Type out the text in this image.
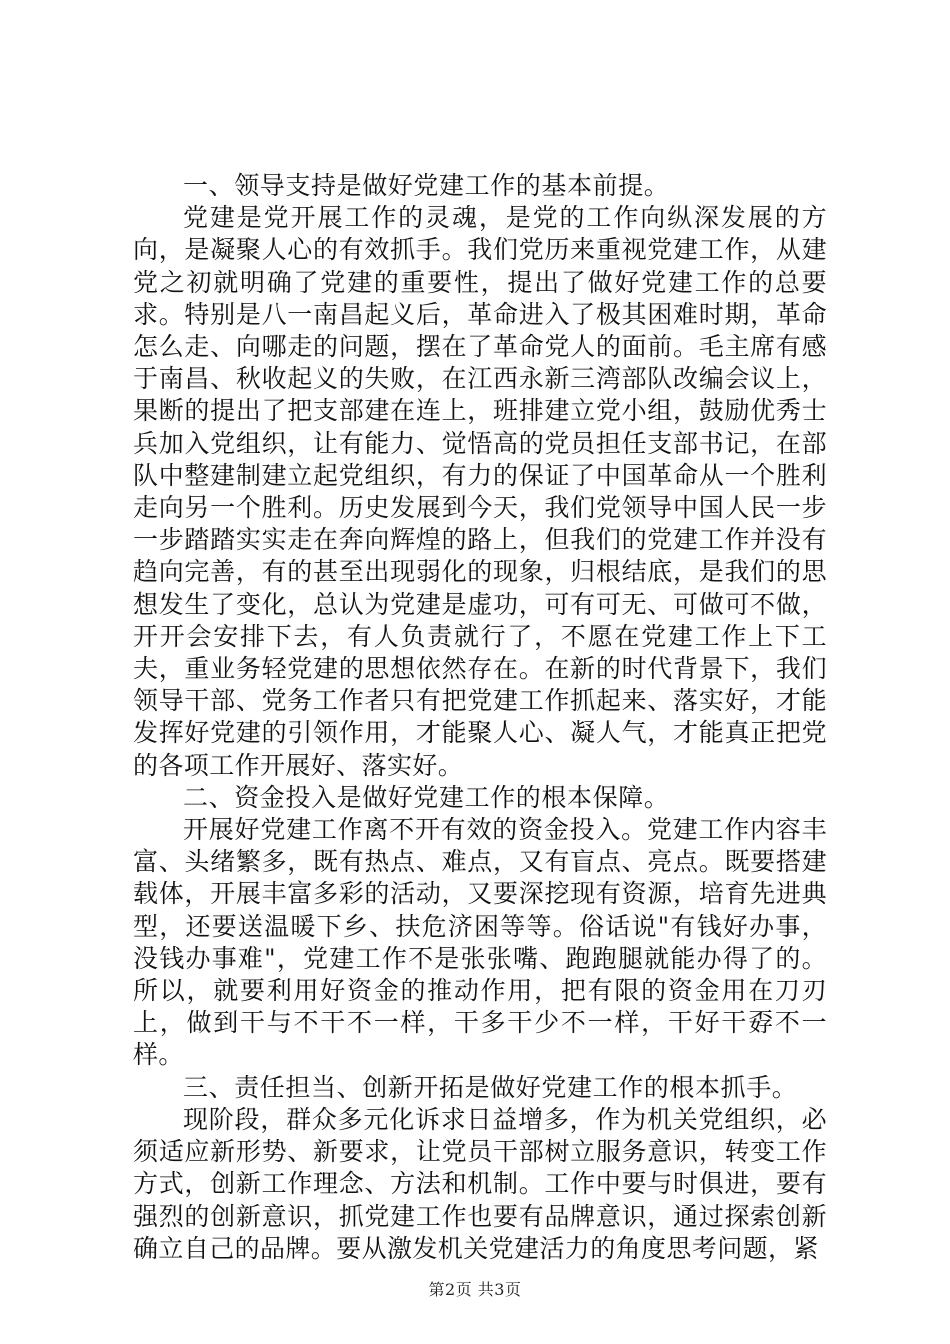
一、领导支持是做好党建工作的基本前提。

党建是党开展工作的灵魂，是党的工作向纵深发展的方向，是凝聚人心的有效抓手。我们党历来重视党建工作，从建党之初就明确了党建的重要性，提出了做好党建工作的总要求。特别是八一南昌起义后，革命进入了极其困难时期，革命怎么走、向哪走的问题，摆在了革命党人的面前。毛主席有感于南昌、秋收起义的失败，在江西永新三湾部队改编会议上，果断的提出了把支部建在连上，班排建立党小组，鼓励优秀士兵加入党组织，让有能力、觉悟高的党员担任支部书记，在部队中整建制建立起党组织，有力的保证了中国革命从一个胜利走向另一个胜利。历史发展到今天，我们党领导中国人民一步一步踏踏实实走在奔向辉煌的路上，但我们的党建工作并没有趋向完善，有的甚至出现弱化的现象，归根结底，是我们的思想发生了变化，总认为党建是虚功，可有可无、可做可不做，开开会安排下去，有人负责就行了，不愿在党建工作上下工夫，重业务轻党建的思想依然存在。在新的时代背景下，我们领导干部、党务工作者只有把党建工作抓起来、落实好，才能发挥好党建的引领作用，才能聚人心、凝人气，才能真正把党的各项工作开展好、落实好。

二、资金投入是做好党建工作的根本保障。

开展好党建工作离不开有效的资金投入。党建工作内容丰富、头绪繁多，既有热点、难点，又有盲点、亮点。既要搭建载体，开展丰富多彩的活动，又要深挖现有资源，培育先进典型，还要送温暖下乡、扶危济困等等。俗话说"有钱好办事，没钱办事难"，党建工作不是张张嘴、跑跑腿就能办得了的。所以，就要利用好资金的推动作用，把有限的资金用在刀刃上，做到干与不干不一样，干多干少不一样，干好干孬不一样。

三、责任担当、创新开拓是做好党建工作的根本抓手。

现阶段，群众多元化诉求日益增多，作为机关党组织，必须适应新形势、新要求，让党员干部树立服务意识，转变工作方式，创新工作理念、方法和机制。工作中要与时俱进，要有强烈的创新意识，抓党建工作也要有品牌意识，通过探索创新确立自己的品牌。要从激发机关党建活力的角度思考问题，紧

第2页 共3页
